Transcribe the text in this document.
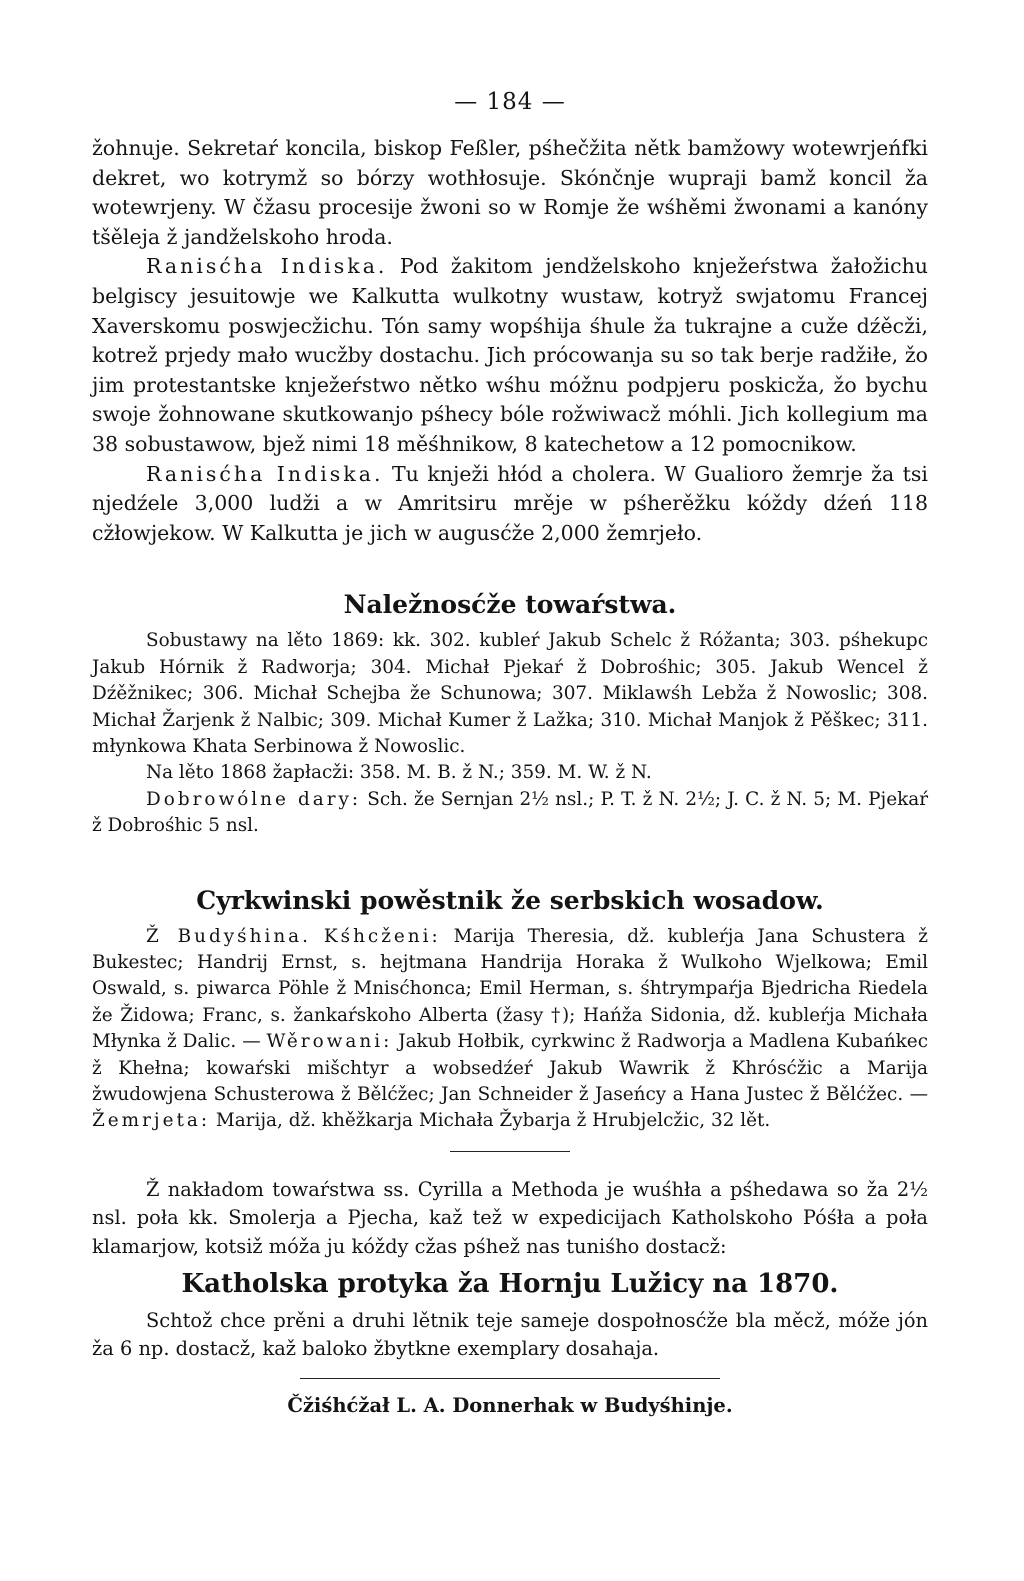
— 184 —

žohnuje. Sekretaŕ koncila, biskop Feßler, pśhečžita nětk bamžowy wotewrjeńfki dekret, wo kotrymž so bórzy wothłosuje. Skónčnje wupraji bamž koncil ža wotewrjeny. W čžasu procesije žwoni so w Romje že wśhěmi žwonami a kanóny tšěleja ž jandželskoho hroda.

Ranisćha Indiska. Pod žakitom jendželskoho knježeŕstwa žałožichu belgiscy jesuitowje we Kalkutta wulkotny wustaw, kotryž swjatomu Francej Xaverskomu poswjecžichu. Tón samy wopśhija śhule ža tukrajne a cuže dźěcži, kotrež prjedy mało wucžby dostachu. Jich prócowanja su so tak berje radžiłe, žo jim protestantske knježeŕstwo nětko wśhu móžnu podpjeru poskicža, žo bychu swoje žohnowane skutkowanjo pśhecy bóle rožwiwacž móhli. Jich kollegium ma 38 sobustawow, bjež nimi 18 měśhnikow, 8 katechetow a 12 pomocnikow.

Ranisćha Indiska. Tu knježi hłód a cholera. W Gualioro žemrje ža tsi njedźele 3,000 ludži a w Amritsiru mrěje w pśherěžku kóždy dźeń 118 cžłowjekow. W Kalkutta je jich w augusćže 2,000 žemrjeło.

Naležnosćže towaŕstwa.

Sobustawy na lěto 1869: kk. 302. kubleŕ Jakub Schelc ž Róžanta; 303. pśhekupc Jakub Hórnik ž Radworja; 304. Michał Pjekaŕ ž Dobrośhic; 305. Jakub Wencel ž Dźěžnikec; 306. Michał Schejba že Schunowa; 307. Miklawśh Lebža ž Nowoslic; 308. Michał Žarjenk ž Nalbic; 309. Michał Kumer ž Lažka; 310. Michał Manjok ž Pěškec; 311. młynkowa Khata Serbinowa ž Nowoslic.

Na lěto 1868 žapłacži: 358. M. B. ž N.; 359. M. W. ž N.

Dobrowólne dary: Sch. že Sernjan 2½ nsl.; P. T. ž N. 2½; J. C. ž N. 5; M. Pjekaŕ ž Dobrośhic 5 nsl.

Cyrkwinski powěstnik že serbskich wosadow.

Ž Budyśhina. Kśhcženi: Marija Theresia, dž. kubleŕja Jana Schustera ž Bukestec; Handrij Ernst, s. hejtmana Handrija Horaka ž Wulkoho Wjelkowa; Emil Oswald, s. piwarca Pöhle ž Mnisćhonca; Emil Herman, s. śhtrympaŕja Bjedricha Riedela že Židowa; Franc, s. žankaŕskoho Alberta (žasy †); Hańža Sidonia, dž. kubleŕja Michała Młynka ž Dalic. — Wěrowani: Jakub Hołbik, cyrkwinc ž Radworja a Madlena Kubańkec ž Khełna; kowaŕski mišchtyr a wobsedźeŕ Jakub Wawrik ž Khrósćžic a Marija žwudowjena Schusterowa ž Bělćžec; Jan Schneider ž Jaseńcy a Hana Justec ž Bělćžec. — Žemrjeta: Marija, dž. khěžkarja Michała Žybarja ž Hrubjelcžic, 32 lět.

Ž nakładom towaŕstwa ss. Cyrilla a Methoda je wuśhła a pśhedawa so ža 2½ nsl. poła kk. Smolerja a Pjecha, kaž tež w expedicijach Katholskoho Póśła a poła klamarjow, kotsiž móža ju kóždy cžas pśhež nas tuniśho dostacž:

Katholska protyka ža Hornju Lužicy na 1870.

Schtož chce prěni a druhi lětnik teje sameje dospołnosćže bla měcž, móže jón ža 6 np. dostacž, kaž baloko žbytkne exemplary dosahaja.

Čžiśhćžał L. A. Donnerhak w Budyśhinje.
